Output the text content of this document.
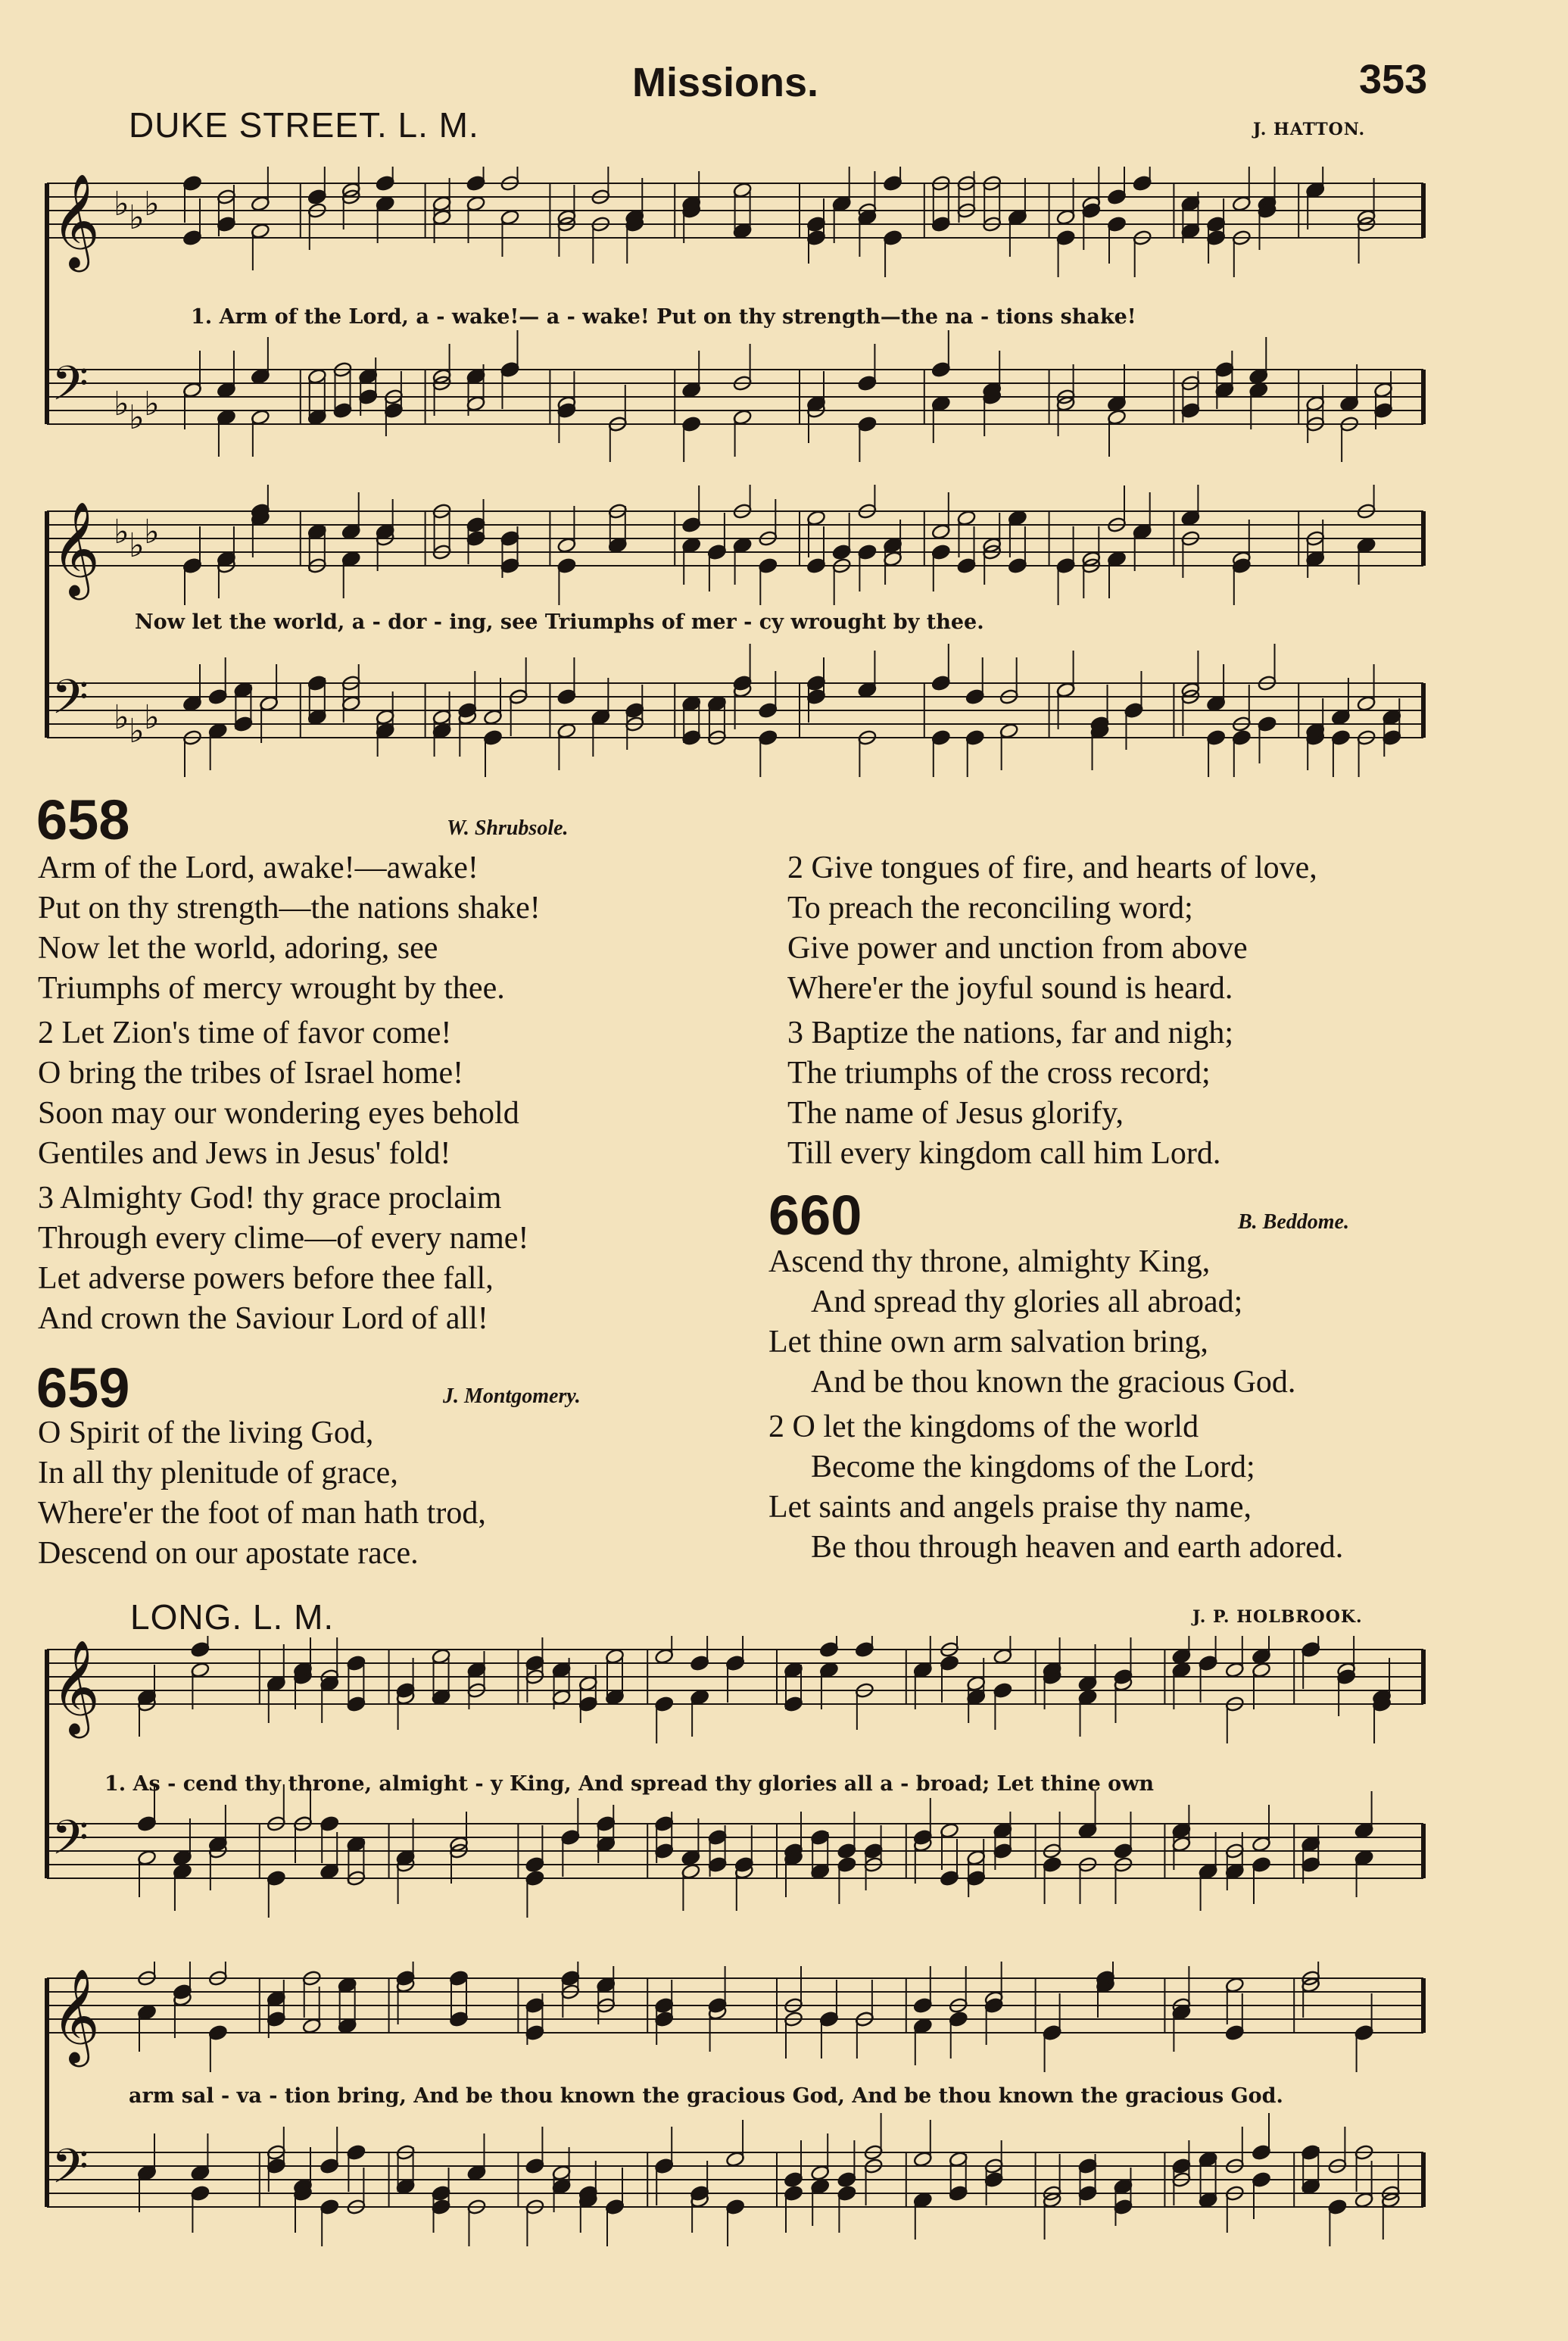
Missions.	353
DUKE STREET. L. M.	J. HATTON.
𝄞 ♭ ♭ ♭
𝄢 ♭ ♭ ♭
1. Arm of the Lord, a - wake!— a - wake! Put on thy strength—the na - tions shake!
𝄞 ♭ ♭ ♭
𝄢 ♭ ♭ ♭
Now let the world, a - dor - ing, see Triumphs of mer - cy wrought by thee.
658	W. Shrubsole.
Arm of the Lord, awake!—awake!
Put on thy strength—the nations shake!
Now let the world, adoring, see
Triumphs of mercy wrought by thee.
2 Let Zion's time of favor come!
O bring the tribes of Israel home!
Soon may our wondering eyes behold
Gentiles and Jews in Jesus' fold!
3 Almighty God! thy grace proclaim
Through every clime—of every name!
Let adverse powers before thee fall,
And crown the Saviour Lord of all!
659	J. Montgomery.
O Spirit of the living God,
In all thy plenitude of grace,
Where'er the foot of man hath trod,
Descend on our apostate race.
2 Give tongues of fire, and hearts of love,
To preach the reconciling word;
Give power and unction from above
Where'er the joyful sound is heard.
3 Baptize the nations, far and nigh;
The triumphs of the cross record;
The name of Jesus glorify,
Till every kingdom call him Lord.
660	B. Beddome.
Ascend thy throne, almighty King,
And spread thy glories all abroad;
Let thine own arm salvation bring,
And be thou known the gracious God.
2 O let the kingdoms of the world
Become the kingdoms of the Lord;
Let saints and angels praise thy name,
Be thou through heaven and earth adored.
LONG. L. M.	J. P. HOLBROOK.
𝄞
𝄢
1. As - cend thy throne, almight - y King, And spread thy glories all a - broad; Let thine own
𝄞
𝄢
arm sal - va - tion bring, And be thou known the gracious God, And be thou known the gracious God.
